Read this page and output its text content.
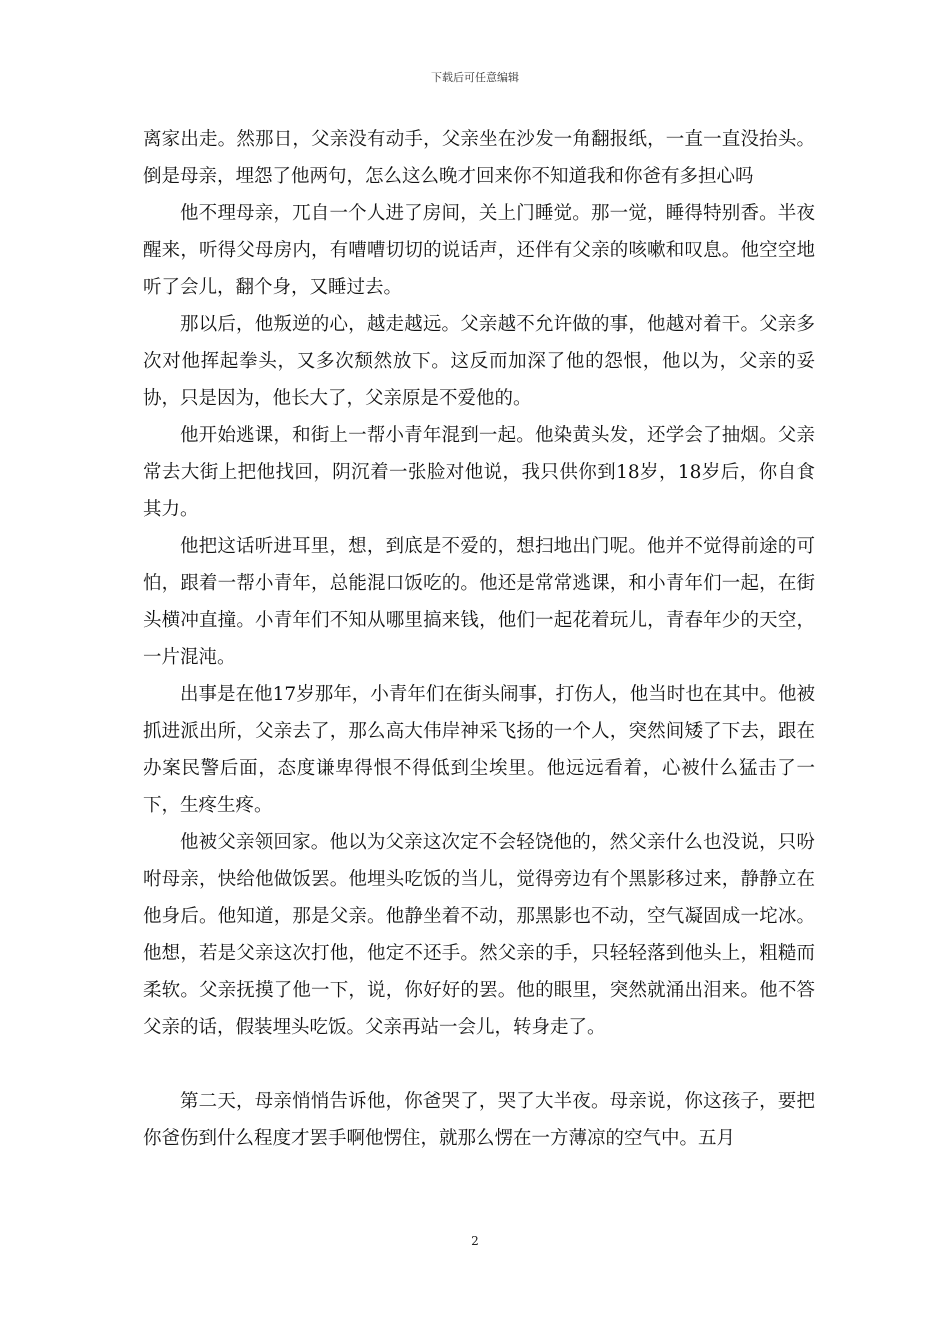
下载后可任意编辑

离家出走。然那日，父亲没有动手，父亲坐在沙发一角翻报纸，一直一直没抬头。倒是母亲，埋怨了他两句，怎么这么晚才回来你不知道我和你爸有多担心吗

他不理母亲，兀自一个人进了房间，关上门睡觉。那一觉，睡得特别香。半夜醒来，听得父母房内，有嘈嘈切切的说话声，还伴有父亲的咳嗽和叹息。他空空地听了会儿，翻个身，又睡过去。

那以后，他叛逆的心，越走越远。父亲越不允许做的事，他越对着干。父亲多次对他挥起拳头，又多次颓然放下。这反而加深了他的怨恨，他以为，父亲的妥协，只是因为，他长大了，父亲原是不爱他的。

他开始逃课，和街上一帮小青年混到一起。他染黄头发，还学会了抽烟。父亲常去大街上把他找回，阴沉着一张脸对他说，我只供你到18岁，18岁后，你自食其力。

他把这话听进耳里，想，到底是不爱的，想扫地出门呢。他并不觉得前途的可怕，跟着一帮小青年，总能混口饭吃的。他还是常常逃课，和小青年们一起，在街头横冲直撞。小青年们不知从哪里搞来钱，他们一起花着玩儿，青春年少的天空，一片混沌。

出事是在他17岁那年，小青年们在街头闹事，打伤人，他当时也在其中。他被抓进派出所，父亲去了，那么高大伟岸神采飞扬的一个人，突然间矮了下去，跟在办案民警后面，态度谦卑得恨不得低到尘埃里。他远远看着，心被什么猛击了一下，生疼生疼。

他被父亲领回家。他以为父亲这次定不会轻饶他的，然父亲什么也没说，只吩咐母亲，快给他做饭罢。他埋头吃饭的当儿，觉得旁边有个黑影移过来，静静立在他身后。他知道，那是父亲。他静坐着不动，那黑影也不动，空气凝固成一坨冰。他想，若是父亲这次打他，他定不还手。然父亲的手，只轻轻落到他头上，粗糙而柔软。父亲抚摸了他一下，说，你好好的罢。他的眼里，突然就涌出泪来。他不答父亲的话，假装埋头吃饭。父亲再站一会儿，转身走了。

第二天，母亲悄悄告诉他，你爸哭了，哭了大半夜。母亲说，你这孩子，要把你爸伤到什么程度才罢手啊他愣住，就那么愣在一方薄凉的空气中。五月

2
